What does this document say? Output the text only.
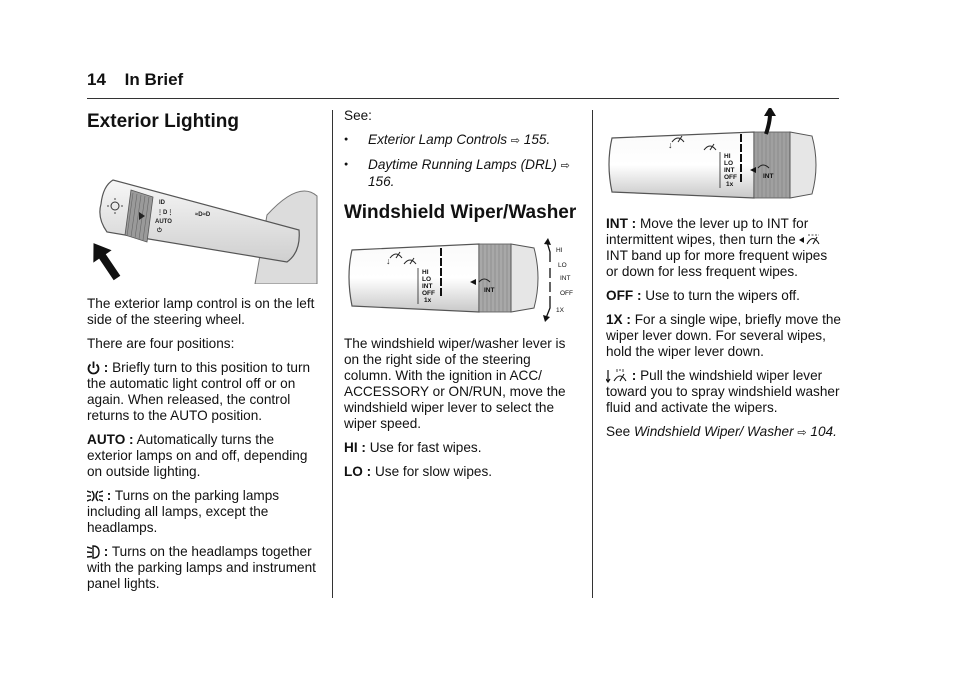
14 In Brief
Exterior Lighting
ID
⋮D⋮
AUTO
⏻
≈D≈D

The exterior lamp control is on the left side of the steering wheel.

There are four positions:

: Briefly turn to this position to turn the automatic light control off or on again. When released, the control returns to the AUTO position.

AUTO : Automatically turns the exterior lamps on and off, depending on outside lighting.

: Turns on the parking lamps including all lamps, except the headlamps.

: Turns on the headlamps together with the parking lamps and instrument panel lights.

See:

●	Exterior Lamp Controls ⇨ 155.
●	Daytime Running Lamps (DRL) ⇨ 156.
Windshield Wiper/Washer
↓
HI
LO
INT
OFF
1x
INT
HI
LO
INT
OFF
1X

The windshield wiper/washer lever is on the right side of the steering column. With the ignition in ACC/ ACCESSORY or ON/RUN, move the windshield wiper lever to select the wiper speed.

HI : Use for fast wipes.

LO : Use for slow wipes.

↓
HI
LO
INT
OFF
1x
INT

INT : Move the lever up to INT for intermittent wipes, then turn the  INT band up for more frequent wipes or down for less frequent wipes.

OFF : Use to turn the wipers off.

1X : For a single wipe, briefly move the wiper lever down. For several wipes, hold the wiper lever down.

: Pull the windshield wiper lever toward you to spray windshield washer fluid and activate the wipers.

See Windshield Wiper/ Washer ⇨ 104.
